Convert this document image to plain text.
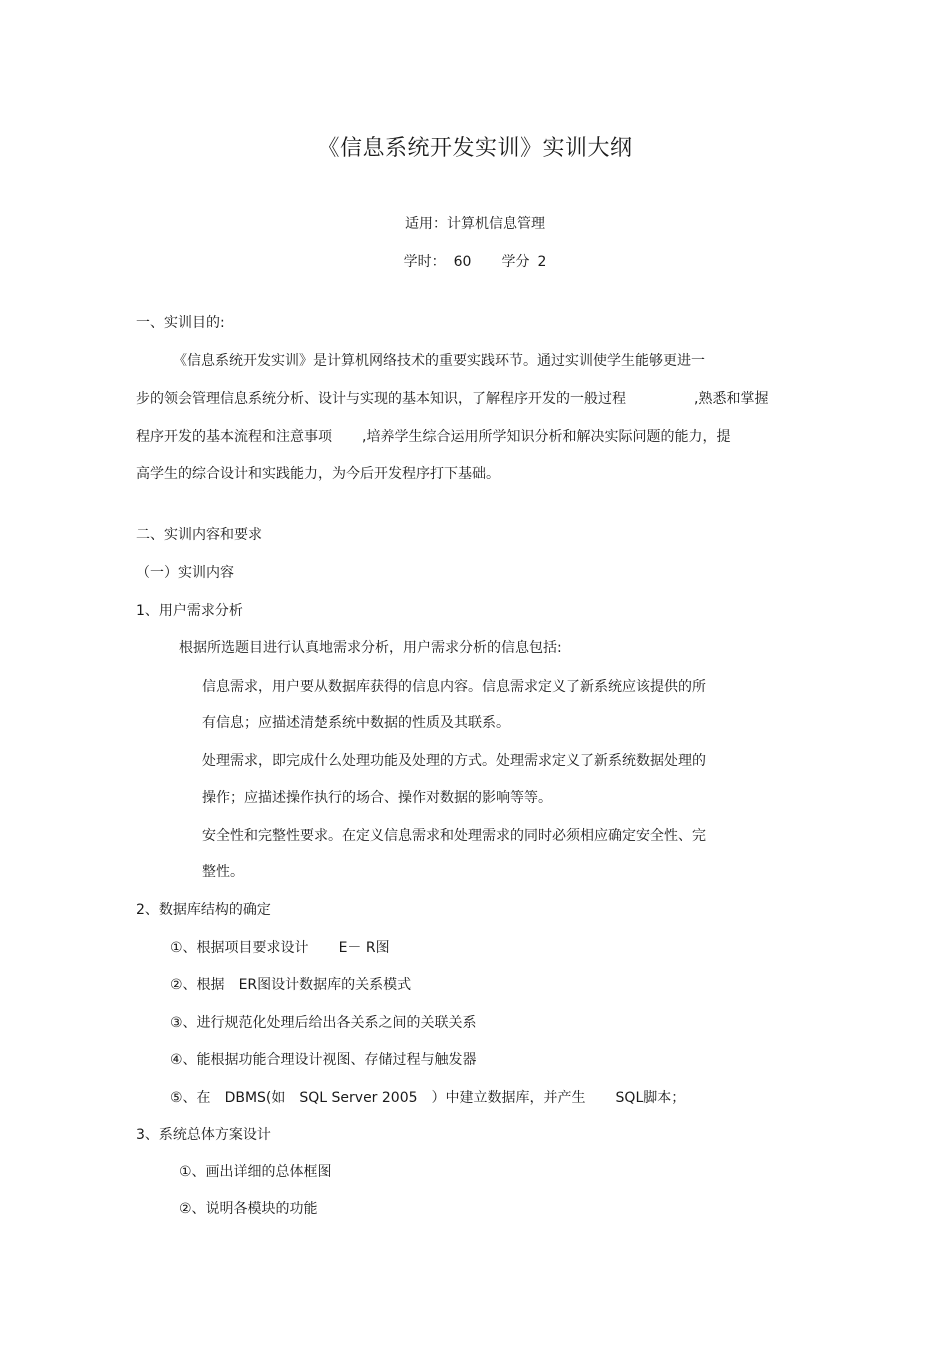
《信息系统开发实训》实训大纲
适用：计算机信息管理
学时： 60 学分 2
一、实训目的:
《信息系统开发实训》是计算机网络技术的重要实践环节。通过实训使学生能够更进一
步的领会管理信息系统分析、设计与实现的基本知识，了解程序开发的一般过程	,熟悉和掌握
程序开发的基本流程和注意事项 ,培养学生综合运用所学知识分析和解决实际问题的能力，提
高学生的综合设计和实践能力，为今后开发程序打下基础。
二、实训内容和要求
（一）实训内容
1、用户需求分析
根据所选题目进行认真地需求分析，用户需求分析的信息包括:
信息需求，用户要从数据库获得的信息内容。信息需求定义了新系统应该提供的所
有信息；应描述清楚系统中数据的性质及其联系。
处理需求，即完成什么处理功能及处理的方式。处理需求定义了新系统数据处理的
操作；应描述操作执行的场合、操作对数据的影响等等。
安全性和完整性要求。在定义信息需求和处理需求的同时必须相应确定安全性、完
整性。
2、数据库结构的确定
①、根据项目要求设计 E－ R图
②、根据 ER图设计数据库的关系模式
③、进行规范化处理后给出各关系之间的关联关系
④、能根据功能合理设计视图、存储过程与触发器
⑤、在 DBMS(如 SQL Server 2005 ）中建立数据库，并产生 SQL脚本；
3、系统总体方案设计
①、画出详细的总体框图
②、说明各模块的功能
